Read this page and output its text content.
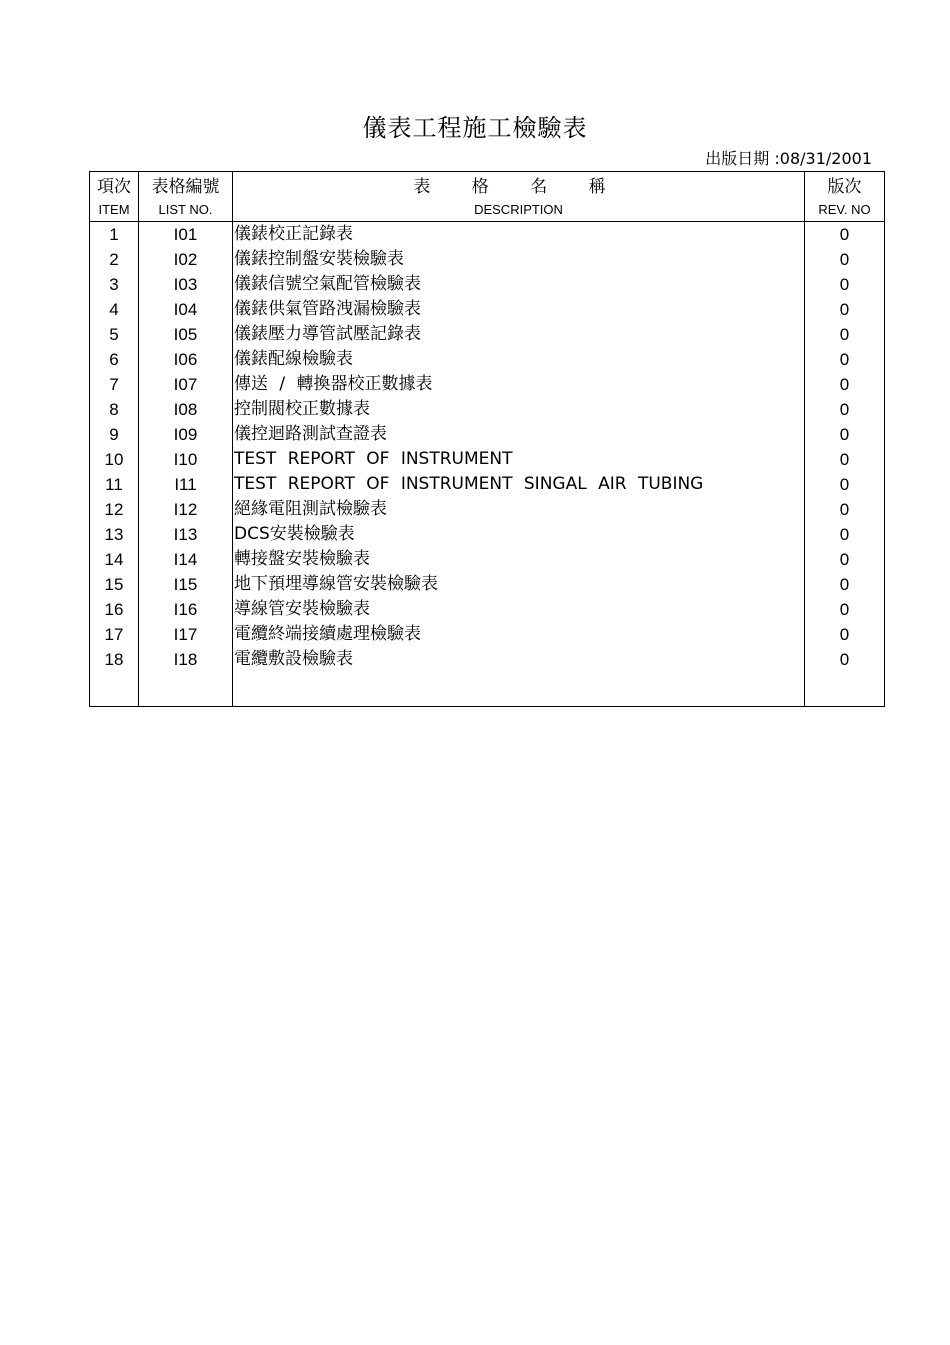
儀表工程施工檢驗表
出版日期 :08/31/2001
項次	表格編號	表 格 名 稱	版次
ITEM	LIST NO.	DESCRIPTION	REV. NO
1	I01	儀錶校正記錄表	0
2	I02	儀錶控制盤安裝檢驗表	0
3	I03	儀錶信號空氣配管檢驗表	0
4	I04	儀錶供氣管路洩漏檢驗表	0
5	I05	儀錶壓力導管試壓記錄表	0
6	I06	儀錶配線檢驗表	0
7	I07	傳送 / 轉換器校正數據表	0
8	I08	控制閥校正數據表	0
9	I09	儀控迴路測試查證表	0
10	I10	TEST REPORT OF INSTRUMENT	0
11	I11	TEST REPORT OF INSTRUMENT SINGAL AIR TUBING	0
12	I12	絕緣電阻測試檢驗表	0
13	I13	DCS安裝檢驗表	0
14	I14	轉接盤安裝檢驗表	0
15	I15	地下預埋導線管安裝檢驗表	0
16	I16	導線管安裝檢驗表	0
17	I17	電纜終端接續處理檢驗表	0
18	I18	電纜敷設檢驗表	0
